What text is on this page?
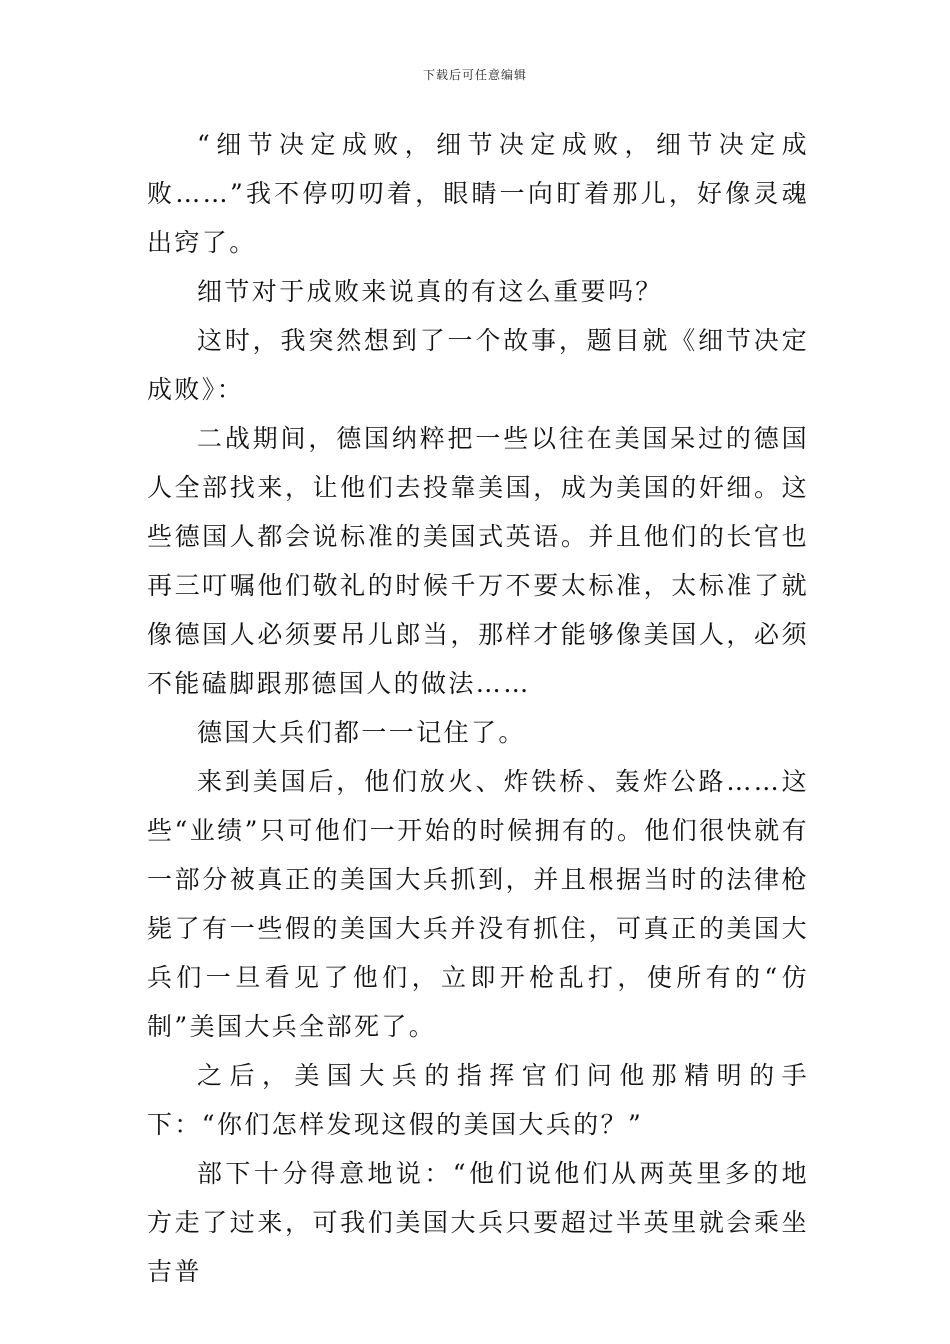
下载后可任意编辑

“细节决定成败，细节决定成败，细节决定成败……”我不停叨叨着，眼睛一向盯着那儿，好像灵魂出窍了。

细节对于成败来说真的有这么重要吗？

这时，我突然想到了一个故事，题目就《细节决定成败》：

二战期间，德国纳粹把一些以往在美国呆过的德国人全部找来，让他们去投靠美国，成为美国的奸细。这些德国人都会说标准的美国式英语。并且他们的长官也再三叮嘱他们敬礼的时候千万不要太标准，太标准了就像德国人必须要吊儿郎当，那样才能够像美国人，必须不能磕脚跟那德国人的做法……

德国大兵们都一一记住了。

来到美国后，他们放火、炸铁桥、轰炸公路……这些“业绩”只可他们一开始的时候拥有的。他们很快就有一部分被真正的美国大兵抓到，并且根据当时的法律枪毙了有一些假的美国大兵并没有抓住，可真正的美国大兵们一旦看见了他们，立即开枪乱打，使所有的“仿制”美国大兵全部死了。

之后，美国大兵的指挥官们问他那精明的手下：“你们怎样发现这假的美国大兵的？”

部下十分得意地说：“他们说他们从两英里多的地方走了过来，可我们美国大兵只要超过半英里就会乘坐吉普
